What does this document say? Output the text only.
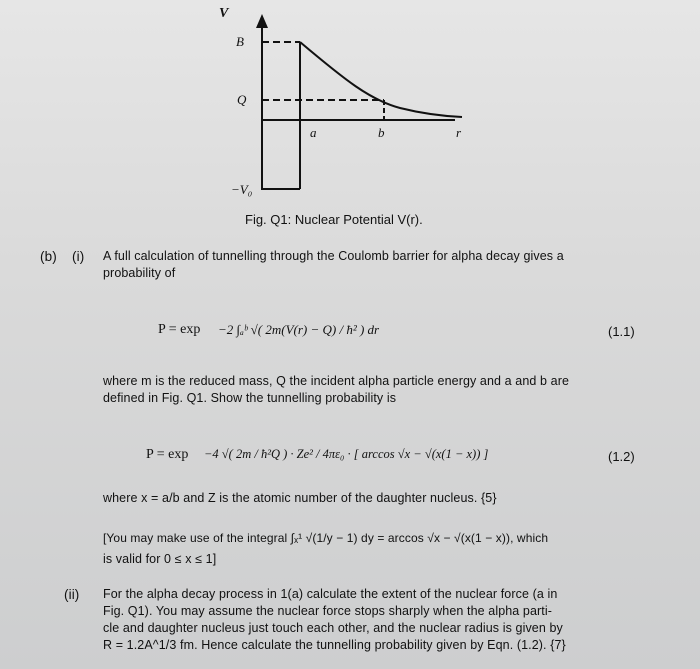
V
B
Q
−V₀
a	b	r
Fig. Q1: Nuclear Potential V(r).
(b) (i) A full calculation of tunnelling through the Coulomb barrier for alpha decay gives a
probability of
P = exp −2 ∫ₐᵇ √( 2m(V(r) − Q) / ħ² ) dr	(1.1)
where m is the reduced mass, Q the incident alpha particle energy and a and b are
defined in Fig. Q1. Show the tunnelling probability is
P = exp −4 √( 2m / ħ²Q ) · Ze² / 4πε₀ · [ arccos √x − √(x(1 − x)) ]	(1.2)
where x = a/b and Z is the atomic number of the daughter nucleus. {5}
[You may make use of the integral ∫ₓ¹ √(1/y − 1) dy = arccos √x − √(x(1 − x)), which
is valid for 0 ≤ x ≤ 1]
(ii) For the alpha decay process in 1(a) calculate the extent of the nuclear force (a in
Fig. Q1). You may assume the nuclear force stops sharply when the alpha parti-
cle and daughter nucleus just touch each other, and the nuclear radius is given by
R = 1.2A^1/3 fm. Hence calculate the tunnelling probability given by Eqn. (1.2). {7}
